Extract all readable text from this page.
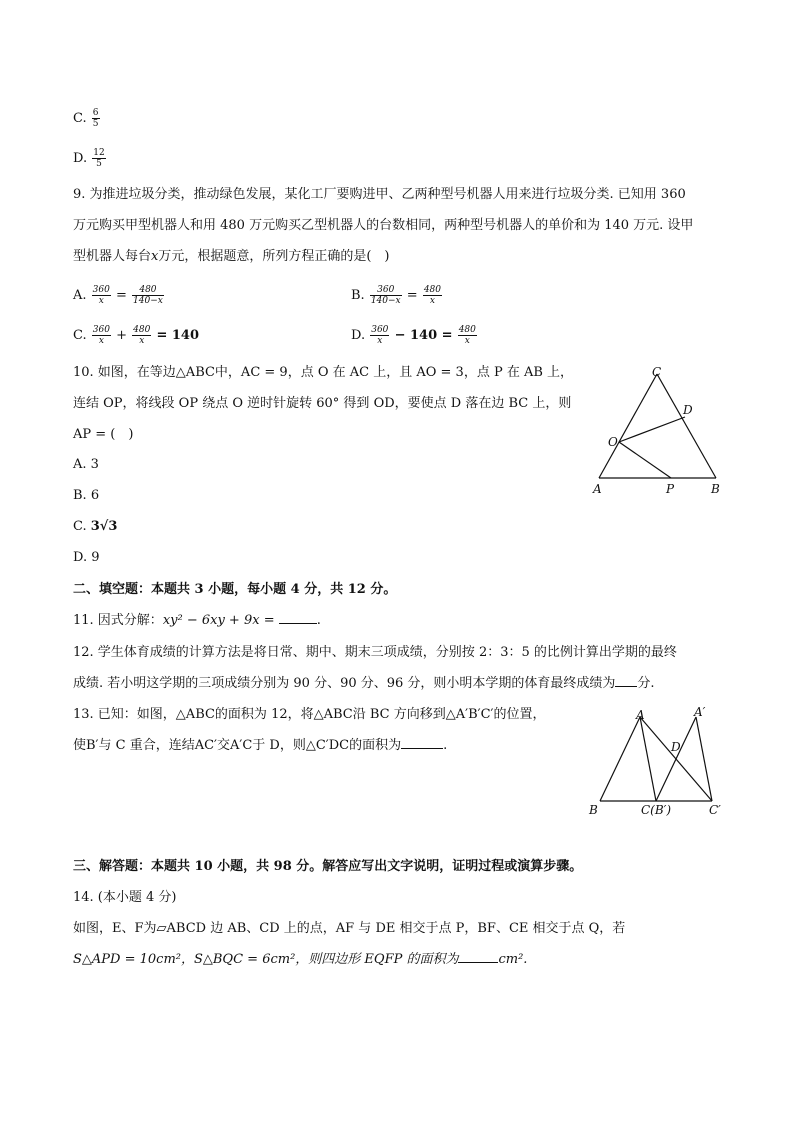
C. $\frac{6}{5}$
D. $\frac{12}{5}$
9. 为推进垃圾分类，推动绿色发展，某化工厂要购进甲、乙两种型号机器人用来进行垃圾分类. 已知用 360
万元购买甲型机器人和用 480 万元购买乙型机器人的台数相同，两种型号机器人的单价和为 140 万元. 设甲
型机器人每台x万元，根据题意，所列方程正确的是(　)
A. $\frac{360}{x} = \frac{480}{140-x}$	B. $\frac{360}{140-x} = \frac{480}{x}$
C. $\frac{360}{x} + \frac{480}{x} = 140$	D. $\frac{360}{x} - 140 = \frac{480}{x}$
10. 如图，在等边△ABC中，AC = 9，点 O 在 AC 上，且 AO = 3，点 P 在 AB 上，
连结 OP，将线段 OP 绕点 O 逆时针旋转 60° 得到 OD，要使点 D 落在边 BC 上，则
AP = (　)
A. 3
B. 6
C. 3√3
D. 9
C
D
O
A	P	B
二、填空题：本题共 3 小题，每小题 4 分，共 12 分。
11. 因式分解：xy² − 6xy + 9x =	.
12. 学生体育成绩的计算方法是将日常、期中、期末三项成绩，分别按 2：3：5 的比例计算出学期的最终
成绩. 若小明这学期的三项成绩分别为 90 分、90 分、96 分，则小明本学期的体育最终成绩为 分.
13. 已知：如图，△ABC的面积为 12，将△ABC沿 BC 方向移到△A′B′C′的位置，
使B′与 C 重合，连结AC′交A′C于 D，则△C′DC的面积为	.
A	A′
D
B	C(B′)	C′
三、解答题：本题共 10 小题，共 98 分。解答应写出文字说明，证明过程或演算步骤。
14. (本小题 4 分)
如图，E、F为▱ABCD 边 AB、CD 上的点，AF 与 DE 相交于点 P，BF、CE 相交于点 Q，若
S△APD = 10cm²，S△BQC = 6cm²，则四边形 EQFP 的面积为	cm².
